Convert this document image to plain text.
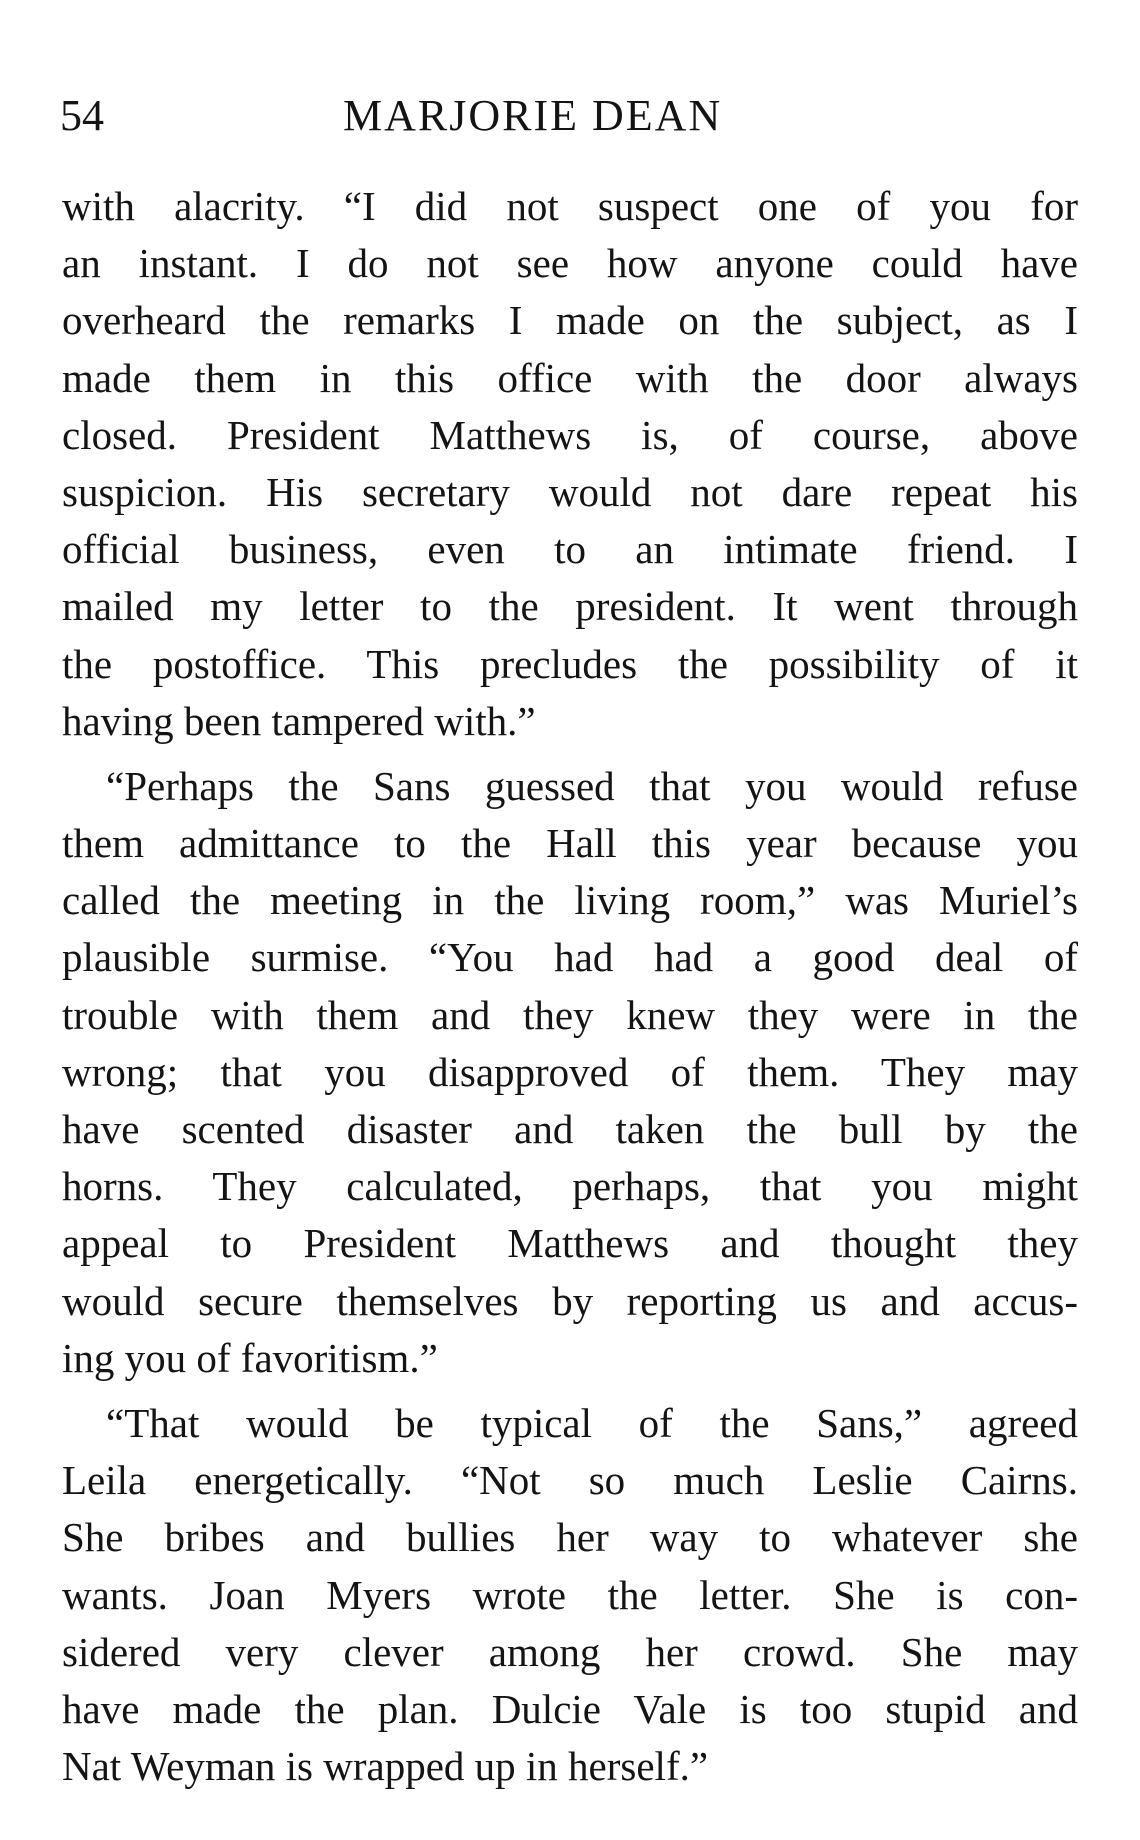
54	MARJORIE DEAN
with alacrity. “I did not suspect one of you for
an instant. I do not see how anyone could have
overheard the remarks I made on the subject, as I
made them in this office with the door always
closed. President Matthews is, of course, above
suspicion. His secretary would not dare repeat his
official business, even to an intimate friend. I
mailed my letter to the president. It went through
the postoffice. This precludes the possibility of it
having been tampered with.”
“Perhaps the Sans guessed that you would refuse
them admittance to the Hall this year because you
called the meeting in the living room,” was Muriel’s
plausible surmise. “You had had a good deal of
trouble with them and they knew they were in the
wrong; that you disapproved of them. They may
have scented disaster and taken the bull by the
horns. They calculated, perhaps, that you might
appeal to President Matthews and thought they
would secure themselves by reporting us and accus-
ing you of favoritism.”
“That would be typical of the Sans,” agreed
Leila energetically. “Not so much Leslie Cairns.
She bribes and bullies her way to whatever she
wants. Joan Myers wrote the letter. She is con-
sidered very clever among her crowd. She may
have made the plan. Dulcie Vale is too stupid and
Nat Weyman is wrapped up in herself.”
